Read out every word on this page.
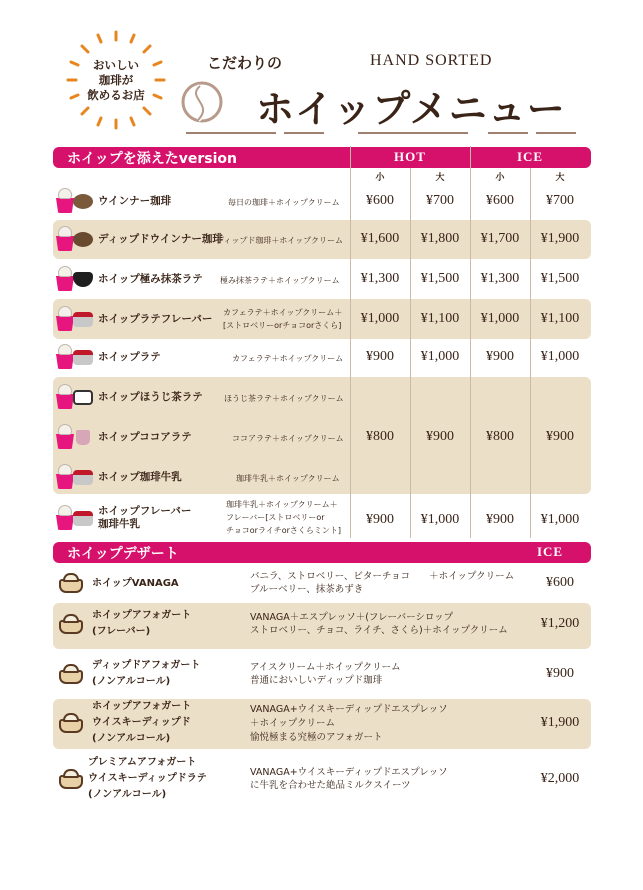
おいしい
珈琲が
飲めるお店
こだわりの	HAND SORTED
ホイップメニュー
ホイップを添えたversion	HOT	ICE
小	大	小	大
ウインナー珈琲	毎日の珈琲＋ホイップクリーム	¥600	¥700	¥600	¥700
ディップドウインナー珈琲
ディップド珈琲＋ホイップクリーム	¥1,600	¥1,800	¥1,700	¥1,900
ホイップ極み抹茶ラテ 極み抹茶ラテ＋ホイップクリーム	¥1,300	¥1,500	¥1,300	¥1,500
ホイップラテフレーバー
カフェラテ＋ホイップクリーム＋
[ストロベリーorチョコorさくら]	¥1,000	¥1,100	¥1,000	¥1,100
ホイップラテ	カフェラテ＋ホイップクリーム	¥900	¥1,000	¥900	¥1,000
ホイップほうじ茶ラテ	ほうじ茶ラテ＋ホイップクリーム
ホイップココアラテ	ココアラテ＋ホイップクリーム
ホイップ珈琲牛乳	珈琲牛乳＋ホイップクリーム
¥800	¥900	¥800	¥900
ホイップフレーバー
珈琲牛乳
珈琲牛乳＋ホイップクリーム＋
フレーバー[ストロベリーor
チョコorライチorさくらミント]
¥900	¥1,000	¥900	¥1,000
ホイップデザート	ICE
ホイップVANAGA
バニラ、ストロベリー、ビターチョコ　　＋ホイップクリーム
ブルーベリー、抹茶あずき	¥600
ホイップアフォガート
(フレーバー)
VANAGA＋エスプレッソ＋(フレーバーシロップ
ストロベリー、チョコ、ライチ、さくら)＋ホイップクリーム	¥1,200
ディップドアフォガート
(ノンアルコール)
アイスクリーム＋ホイップクリーム
普通においしいディップド珈琲	¥900
ホイップアフォガート
ウイスキーディップド
(ノンアルコール)
VANAGA+ウイスキーディップドエスプレッソ
＋ホイップクリーム
愉悦極まる究極のアフォガート
¥1,900
プレミアムアフォガート
ウイスキーディップドラテ
(ノンアルコール)
VANAGA+ウイスキーディップドエスプレッソ
に牛乳を合わせた絶品ミルクスイーツ	¥2,000
